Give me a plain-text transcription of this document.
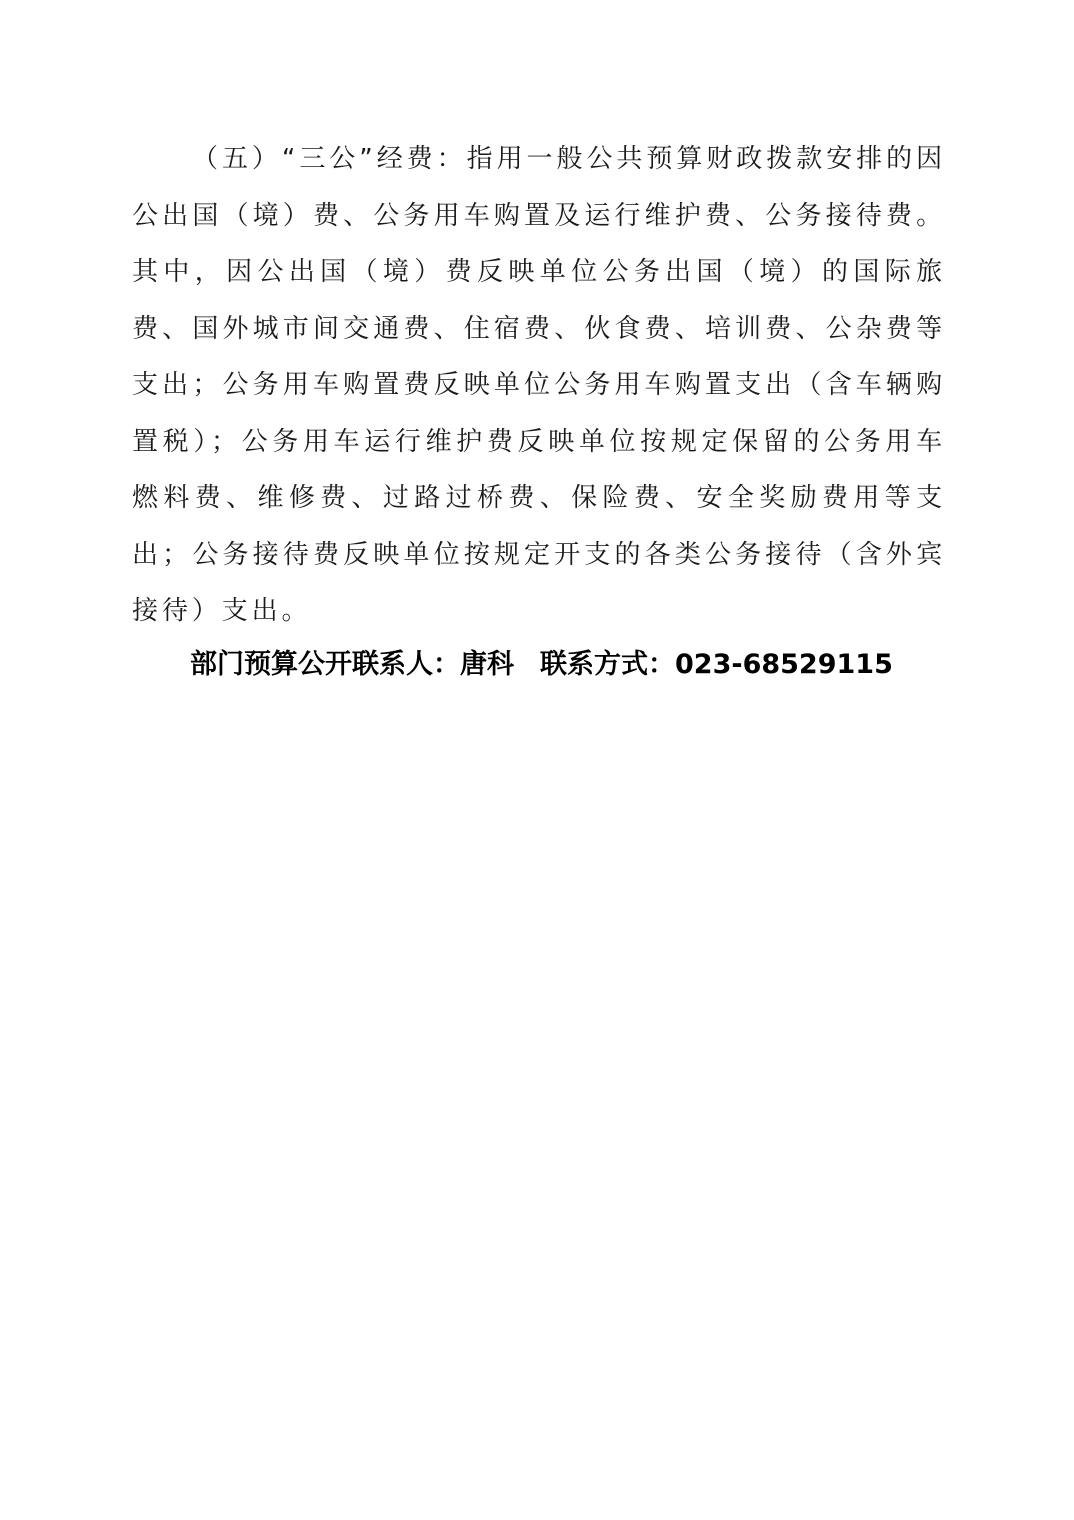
（五）“三公”经费：指用一般公共预算财政拨款安排的因公出国（境）费、公务用车购置及运行维护费、公务接待费。其中，因公出国（境）费反映单位公务出国（境）的国际旅费、国外城市间交通费、住宿费、伙食费、培训费、公杂费等支出；公务用车购置费反映单位公务用车购置支出（含车辆购置税）；公务用车运行维护费反映单位按规定保留的公务用车燃料费、维修费、过路过桥费、保险费、安全奖励费用等支出；公务接待费反映单位按规定开支的各类公务接待（含外宾接待）支出。

部门预算公开联系人：唐科 联系方式：023-68529115
